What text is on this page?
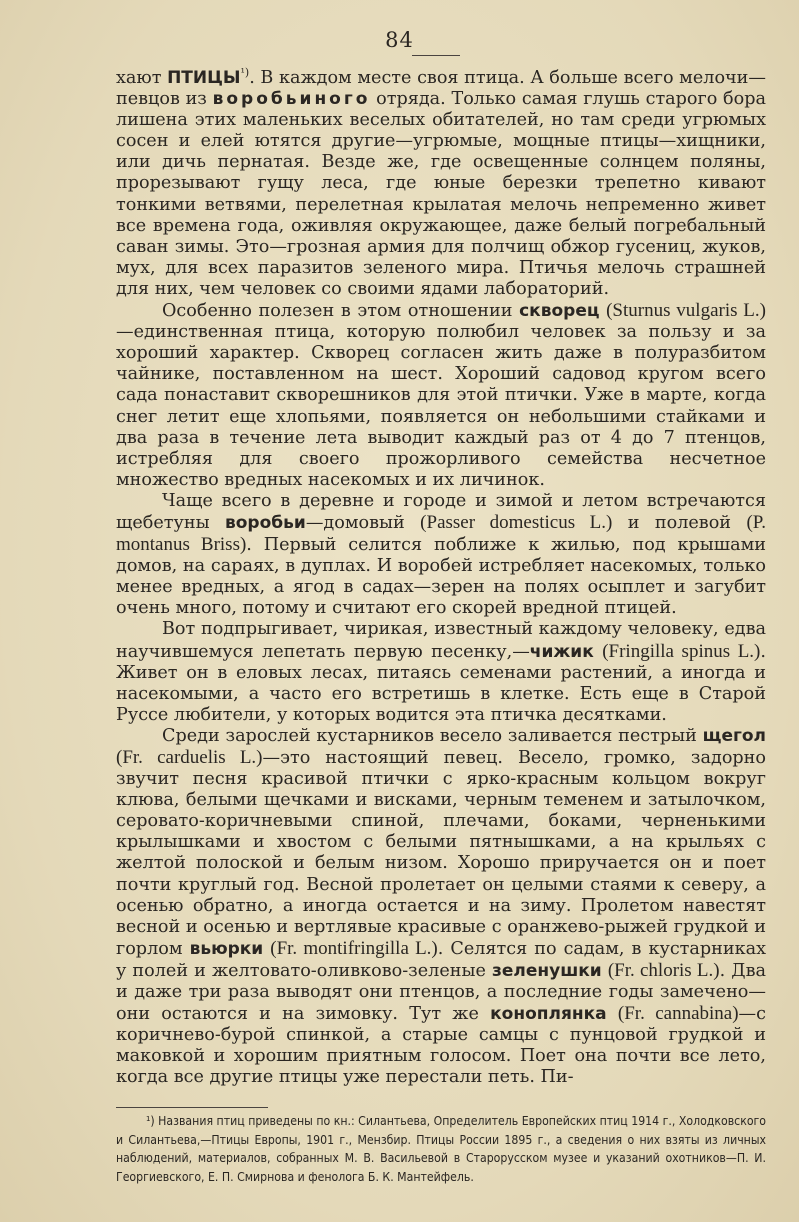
84

хают $ПТИЦЫ^{^1)}$. В каждом месте своя птица. А больше всего мелочи—певцов из воробьиного отряда. Только самая глушь старого бора лишена этих маленьких веселых обитателей, но там среди угрюмых сосен и елей ютятся другие—угрюмые, мощные птицы—хищники, или дичь пернатая. Везде же, где освещенные солнцем поляны, прорезывают гущу леса, где юные березки трепетно кивают тонкими ветвями, перелетная крылатая мелочь непременно живет все времена года, оживляя окружающее, даже белый погребальный саван зимы. Это—грозная армия для полчищ обжор гусениц, жуков, мух, для всех паразитов зеленого мира. Птичья мелочь страшней для них, чем человек со своими ядами лабораторий.

Особенно полезен в этом отношении скворец (Sturnus vulgaris L.)—единственная птица, которую полюбил человек за пользу и за хороший характер. Скворец согласен жить даже в полуразбитом чайнике, поставленном на шест. Хороший садовод кругом всего сада понаставит скворешников для этой птички. Уже в марте, когда снег летит еще хлопьями, появляется он небольшими стайками и два раза в течение лета выводит каждый раз от 4 до 7 птенцов, истребляя для своего прожорливого семейства несчетное множество вредных насекомых и их личинок.

Чаще всего в деревне и городе и зимой и летом встречаются щебетуны воробьи—домовый (Passer domesticus L.) и полевой (P. montanus Briss). Первый селится поближе к жилью, под крышами домов, на сараях, в дуплах. И воробей истребляет насекомых, только менее вредных, а ягод в садах—зерен на полях осыплет и загубит очень много, потому и считают его скорей вредной птицей.

Вот подпрыгивает, чирикая, известный каждому человеку, едва научившемуся лепетать первую песенку,—чижик (Fringilla spinus L.). Живет он в еловых лесах, питаясь семенами растений, а иногда и насекомыми, а часто его встретишь в клетке. Есть еще в Старой Руссе любители, у которых водится эта птичка десятками.

Среди зарослей кустарников весело заливается пестрый щегол (Fr. carduelis L.)—это настоящий певец. Весело, громко, задорно звучит песня красивой птички с ярко-красным кольцом вокруг клюва, белыми щечками и висками, черным теменем и затылочком, серовато-коричневыми спиной, плечами, боками, черненькими крылышками и хвостом с белыми пятнышками, а на крыльях с желтой полоской и белым низом. Хорошо приручается он и поет почти круглый год. Весной пролетает он целыми стаями к северу, а осенью обратно, а иногда остается и на зиму. Пролетом навестят весной и осенью и вертлявые красивые с оранжево-рыжей грудкой и горлом вьюрки (Fr. montifringilla L.). Селятся по садам, в кустарниках у полей и желтовато-оливково-зеленые зеленушки (Fr. chloris L.). Два и даже три раза выводят они птенцов, а последние годы замечено—они остаются и на зимовку. Тут же коноплянка (Fr. cannabina)—с коричнево-бурой спинкой, а старые самцы с пунцовой грудкой и маковкой и хорошим приятным голосом. Поет она почти все лето, когда все другие птицы уже перестали петь. Пи-

¹) Названия птиц приведены по кн.: Силантьева, Определитель Европейских птиц 1914 г., Холодковского и Силантьева,—Птицы Европы, 1901 г., Мензбир. Птицы России 1895 г., а сведения о них взяты из личных наблюдений, материалов, собранных М. В. Васильевой в Старорусском музее и указаний охотников—П. И. Георгиевского, Е. П. Смирнова и фенолога Б. К. Мантейфель.
